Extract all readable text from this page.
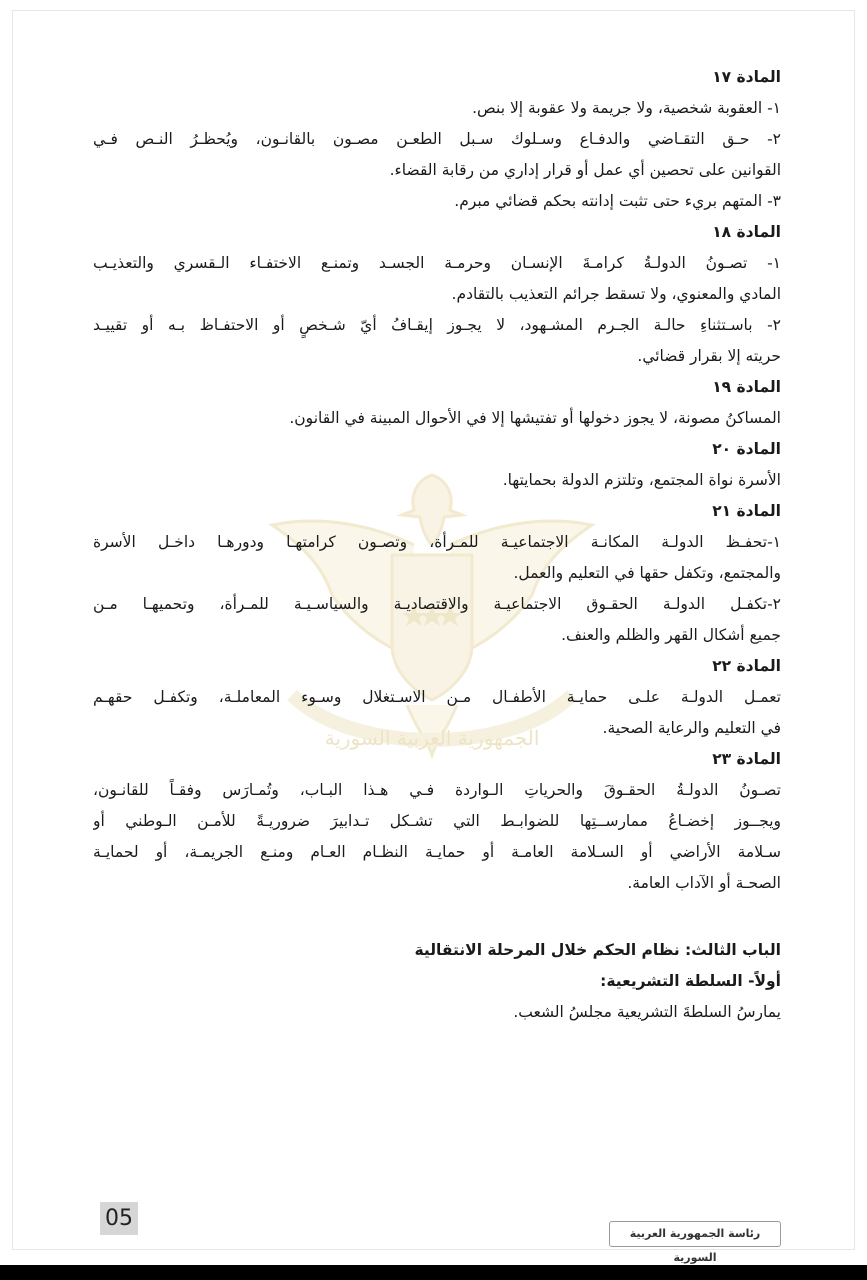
الجمهورية العربية السورية
المادة ١٧
١- العقوبة شخصية، ولا جريمة ولا عقوبة إلا بنص.
٢- حـق التقـاضي والدفـاع وسـلوك سـبل الطعـن مصـون بالقانـون، ويُحظـرُ النـص فـي
القوانين على تحصين أي عمل أو قرار إداري من رقابة القضاء.
٣- المتهم بريء حتى تثبت إدانته بحكم قضائي مبرم.
المادة ١٨
١- تصـونُ الدولـةُ كرامـةَ الإنسـان وحرمـة الجسـد وتمنـع الاختفـاء الـقسري والتعذيـب
المادي والمعنوي، ولا تسقط جرائم التعذيب بالتقادم.
٢- باسـتثناءِ حالـة الجـرم المشـهود، لا يجـوز إيقـافُ أيّ شـخصٍ أو الاحتفـاظ بـه أو تقييـد
حريته إلا بقرار قضائي.
المادة ١٩
المساكنُ مصونة، لا يجوز دخولها أو تفتيشها إلا في الأحوال المبينة في القانون.
المادة ٢٠
الأسرة نواة المجتمع، وتلتزم الدولة بحمايتها.
المادة ٢١
١-تحفـظ الدولـة المكانـة الاجتماعيـة للمـرأة، وتصـون كرامتهـا ودورهـا داخـل الأسرة
والمجتمع، وتكفل حقها في التعليم والعمل.
٢-تكفـل الدولـة الحقـوق الاجتماعيـة والاقتصاديـة والسياسـيـة للمـرأة، وتحميهـا مـن
جميع أشكال القهر والظلم والعنف.
المادة ٢٢
تعمـل الدولـة علـى حمايـة الأطفـال مـن الاسـتغلال وسـوء المعاملـة، وتكفـل حقهـم
في التعليم والرعاية الصحية.
المادة ٢٣
تصـونُ الدولـةُ الحقـوقَ والحرياتِ الـواردة فـي هـذا البـاب، وتُمـارَس وفقـاً للقانـون،
ويجــوز إخضـاعُ ممارســتِها للضوابـط التي تشـكل تـدابيرَ ضروريـةً للأمـن الـوطني أو
سـلامة الأراضي أو السـلامة العامـة أو حمايـة النظـام العـام ومنـع الجريمـة، أو لحمايـة
الصحـة أو الآداب العامة.
الباب الثالث: نظام الحكم خلال المرحلة الانتقالية
أولاً- السلطة التشريعية:
يمارسُ السلطةَ التشريعية مجلسُ الشعب.
05
رئاسة الجمهورية العربية السورية
